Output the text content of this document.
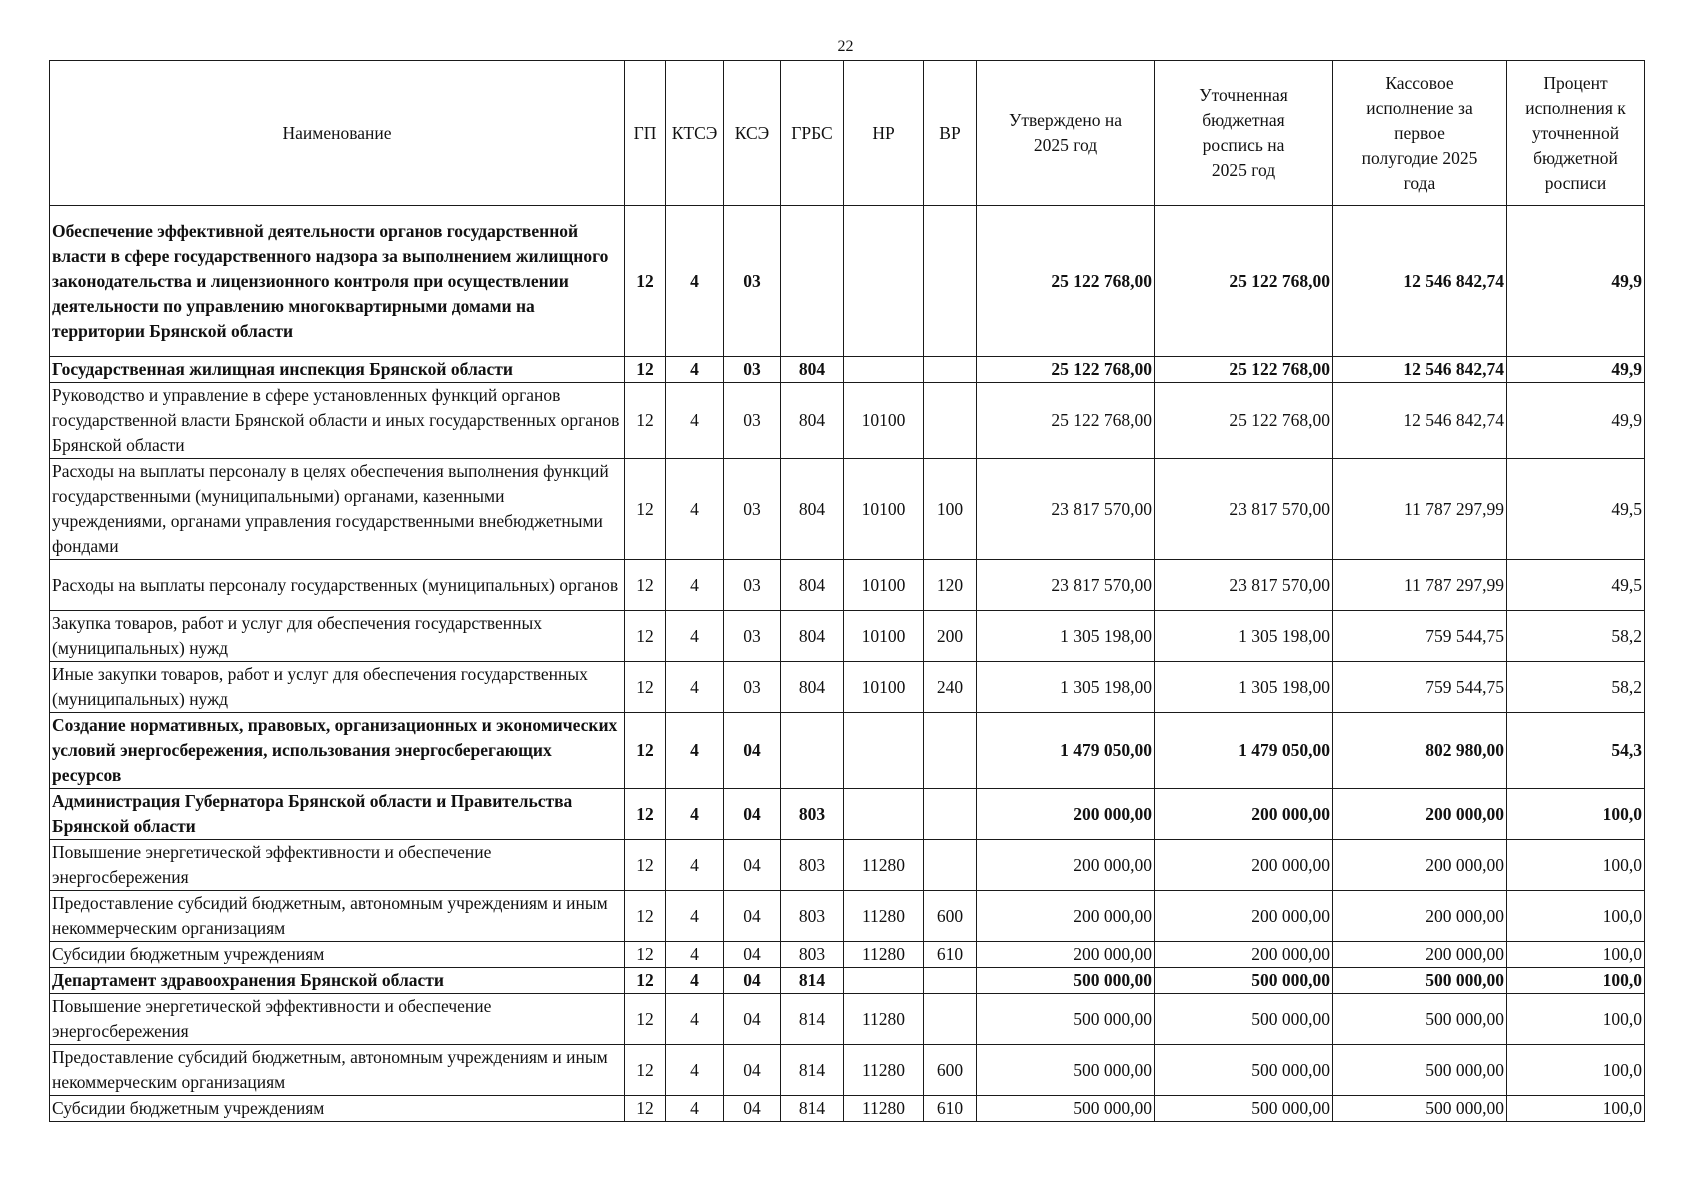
22
Наименование	ГП	КТСЭ	КСЭ	ГРБС	НР	ВР	Утверждено на 2025 год	Уточненная бюджетная роспись на 2025 год	Кассовое исполнение за первое полугодие 2025 года	Процент исполнения к уточненной бюджетной росписи
Обеспечение эффективной деятельности органов государственной власти в сфере государственного надзора за выполнением жилищного законодательства и лицензионного контроля при осуществлении деятельности по управлению многоквартирными домами на территории Брянской области	12	4	03				25 122 768,00	25 122 768,00	12 546 842,74	49,9
Государственная жилищная инспекция Брянской области	12	4	03	804			25 122 768,00	25 122 768,00	12 546 842,74	49,9
Руководство и управление в сфере установленных функций органов государственной власти Брянской области и иных государственных органов Брянской области	12	4	03	804	10100		25 122 768,00	25 122 768,00	12 546 842,74	49,9
Расходы на выплаты персоналу в целях обеспечения выполнения функций государственными (муниципальными) органами, казенными учреждениями, органами управления государственными внебюджетными фондами	12	4	03	804	10100	100	23 817 570,00	23 817 570,00	11 787 297,99	49,5
Расходы на выплаты персоналу государственных (муниципальных) органов	12	4	03	804	10100	120	23 817 570,00	23 817 570,00	11 787 297,99	49,5
Закупка товаров, работ и услуг для обеспечения государственных (муниципальных) нужд	12	4	03	804	10100	200	1 305 198,00	1 305 198,00	759 544,75	58,2
Иные закупки товаров, работ и услуг для обеспечения государственных (муниципальных) нужд	12	4	03	804	10100	240	1 305 198,00	1 305 198,00	759 544,75	58,2
Создание нормативных, правовых, организационных и экономических условий энергосбережения, использования энергосберегающих ресурсов	12	4	04				1 479 050,00	1 479 050,00	802 980,00	54,3
Администрация Губернатора Брянской области и Правительства Брянской области	12	4	04	803			200 000,00	200 000,00	200 000,00	100,0
Повышение энергетической эффективности и обеспечение энергосбережения	12	4	04	803	11280		200 000,00	200 000,00	200 000,00	100,0
Предоставление субсидий бюджетным, автономным учреждениям и иным некоммерческим организациям	12	4	04	803	11280	600	200 000,00	200 000,00	200 000,00	100,0
Субсидии бюджетным учреждениям	12	4	04	803	11280	610	200 000,00	200 000,00	200 000,00	100,0
Департамент здравоохранения Брянской области	12	4	04	814			500 000,00	500 000,00	500 000,00	100,0
Повышение энергетической эффективности и обеспечение энергосбережения	12	4	04	814	11280		500 000,00	500 000,00	500 000,00	100,0
Предоставление субсидий бюджетным, автономным учреждениям и иным некоммерческим организациям	12	4	04	814	11280	600	500 000,00	500 000,00	500 000,00	100,0
Субсидии бюджетным учреждениям	12	4	04	814	11280	610	500 000,00	500 000,00	500 000,00	100,0
